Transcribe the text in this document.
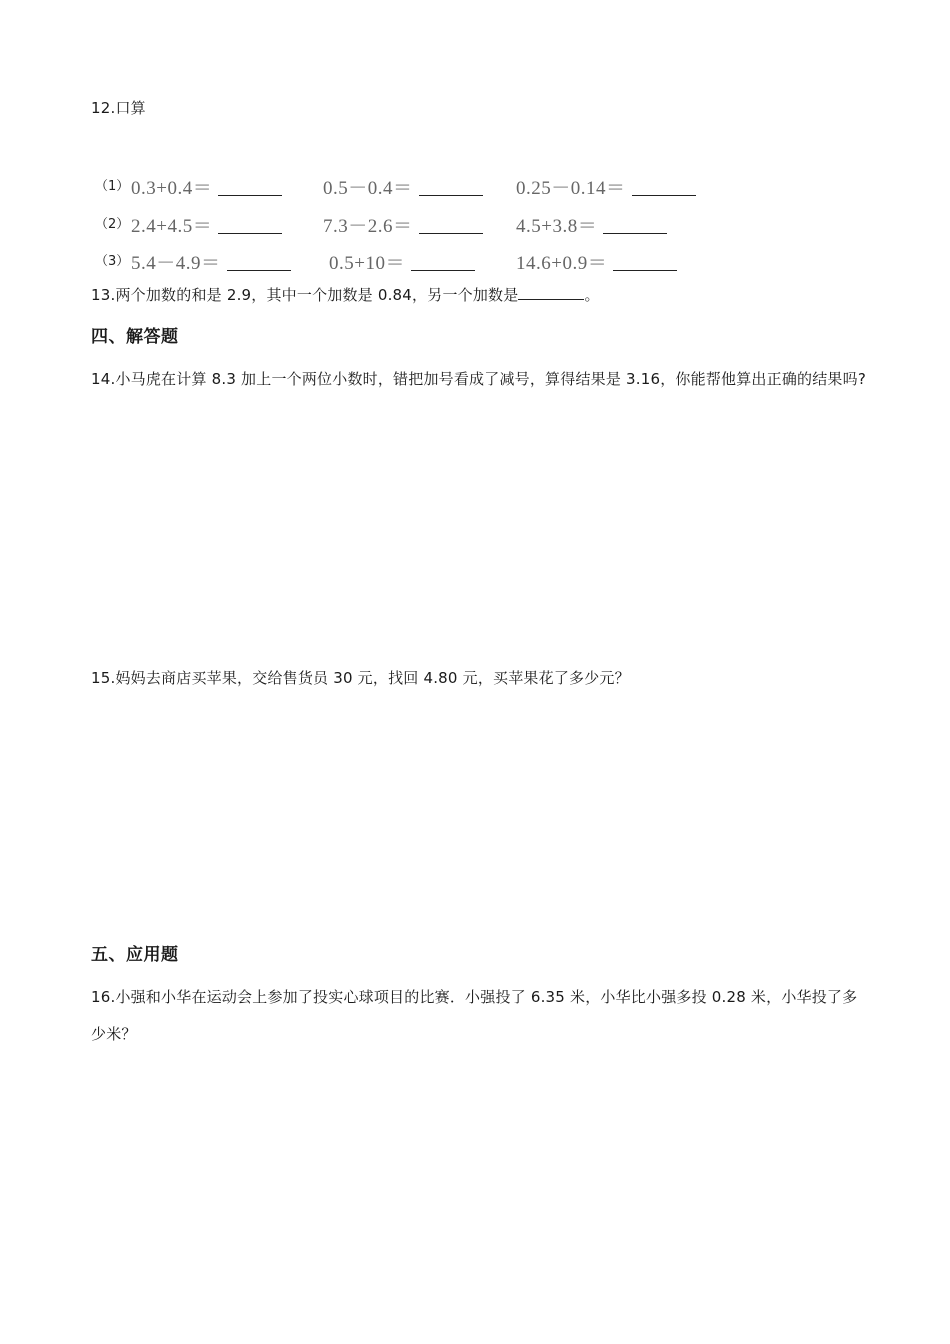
12.口算
（1） 0.3+0.4＝	0.5－0.4＝	0.25－0.14＝
（2） 2.4+4.5＝	7.3－2.6＝	4.5+3.8＝
（3） 5.4－4.9＝	0.5+10＝	14.6+0.9＝
13.两个加数的和是 2.9，其中一个加数是 0.84，另一个加数是	。
四、解答题
14.小马虎在计算 8.3 加上一个两位小数时，错把加号看成了减号，算得结果是 3.16，你能帮他算出正确的结果吗?
15.妈妈去商店买苹果，交给售货员 30 元，找回 4.80 元，买苹果花了多少元？
五、应用题
16.小强和小华在运动会上参加了投实心球项目的比赛．小强投了 6.35 米，小华比小强多投 0.28 米，小华投了多少米？
